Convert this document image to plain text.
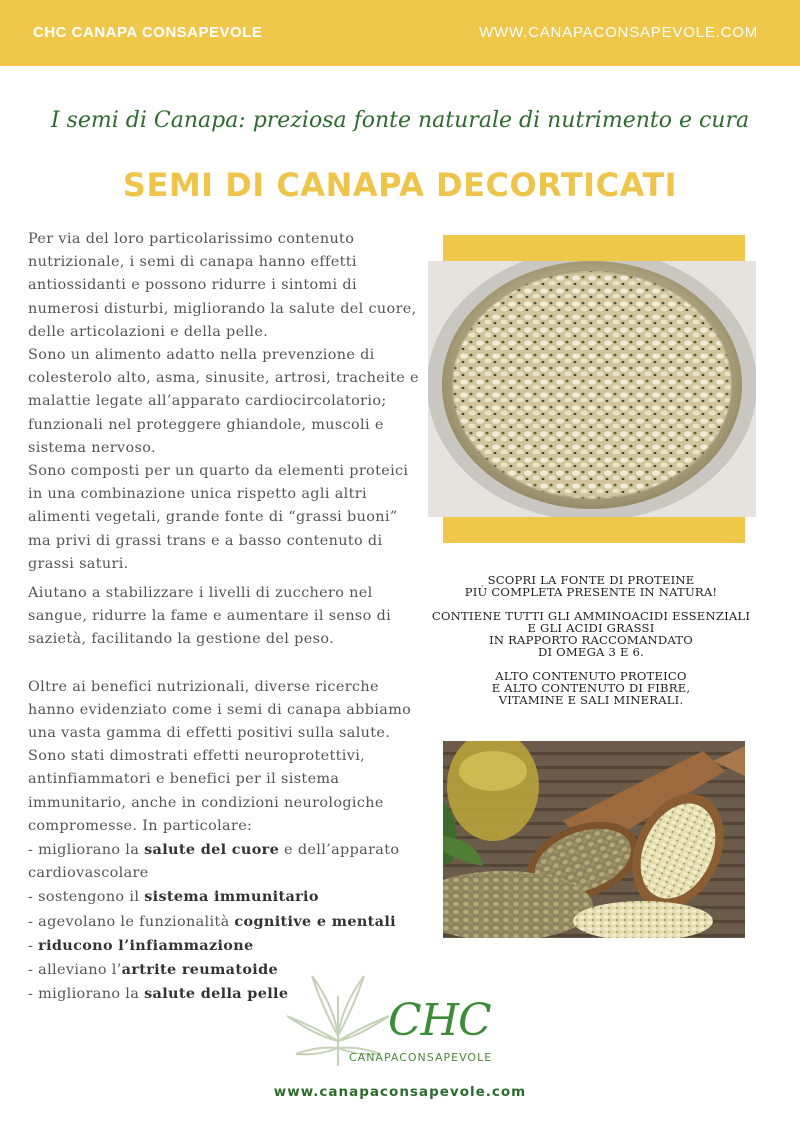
CHC CANAPA CONSAPEVOLE	WWW.CANAPACONSAPEVOLE.COM
I semi di Canapa: preziosa fonte naturale di nutrimento e cura
SEMI DI CANAPA DECORTICATI

Per via del loro particolarissimo contenuto nutrizionale, i semi di canapa hanno effetti antiossidanti e possono ridurre i sintomi di numerosi disturbi, migliorando la salute del cuore, delle articolazioni e della pelle.

Sono un alimento adatto nella prevenzione di colesterolo alto, asma, sinusite, artrosi, tracheite e malattie legate all’apparato cardiocircolatorio; funzionali nel proteggere ghiandole, muscoli e sistema nervoso.

Sono composti per un quarto da elementi proteici in una combinazione unica rispetto agli altri alimenti vegetali, grande fonte di “grassi buoni” ma privi di grassi trans e a basso contenuto di grassi saturi.

Aiutano a stabilizzare i livelli di zucchero nel sangue, ridurre la fame e aumentare il senso di sazietà, facilitando la gestione del peso.

Oltre ai benefici nutrizionali, diverse ricerche hanno evidenziato come i semi di canapa abbiamo una vasta gamma di effetti positivi sulla salute.

Sono stati dimostrati effetti neuroprotettivi, antinfiammatori e benefici per il sistema immunitario, anche in condizioni neurologiche compromesse. In particolare:

- migliorano la salute del cuore e dell’apparato cardiovascolare

- sostengono il sistema immunitario

- agevolano le funzionalità cognitive e mentali

- riducono l’infiammazione

- alleviano l’artrite reumatoide

- migliorano la salute della pelle

SCOPRI LA FONTE DI PROTEINE
PIÙ COMPLETA PRESENTE IN NATURA!

CONTIENE TUTTI GLI AMMINOACIDI ESSENZIALI
E GLI ACIDI GRASSI
IN RAPPORTO RACCOMANDATO
DI OMEGA 3 E 6.

ALTO CONTENUTO PROTEICO
E ALTO CONTENUTO DI FIBRE,
VITAMINE E SALI MINERALI.

CHC
CANAPACONSAPEVOLE
www.canapaconsapevole.com
